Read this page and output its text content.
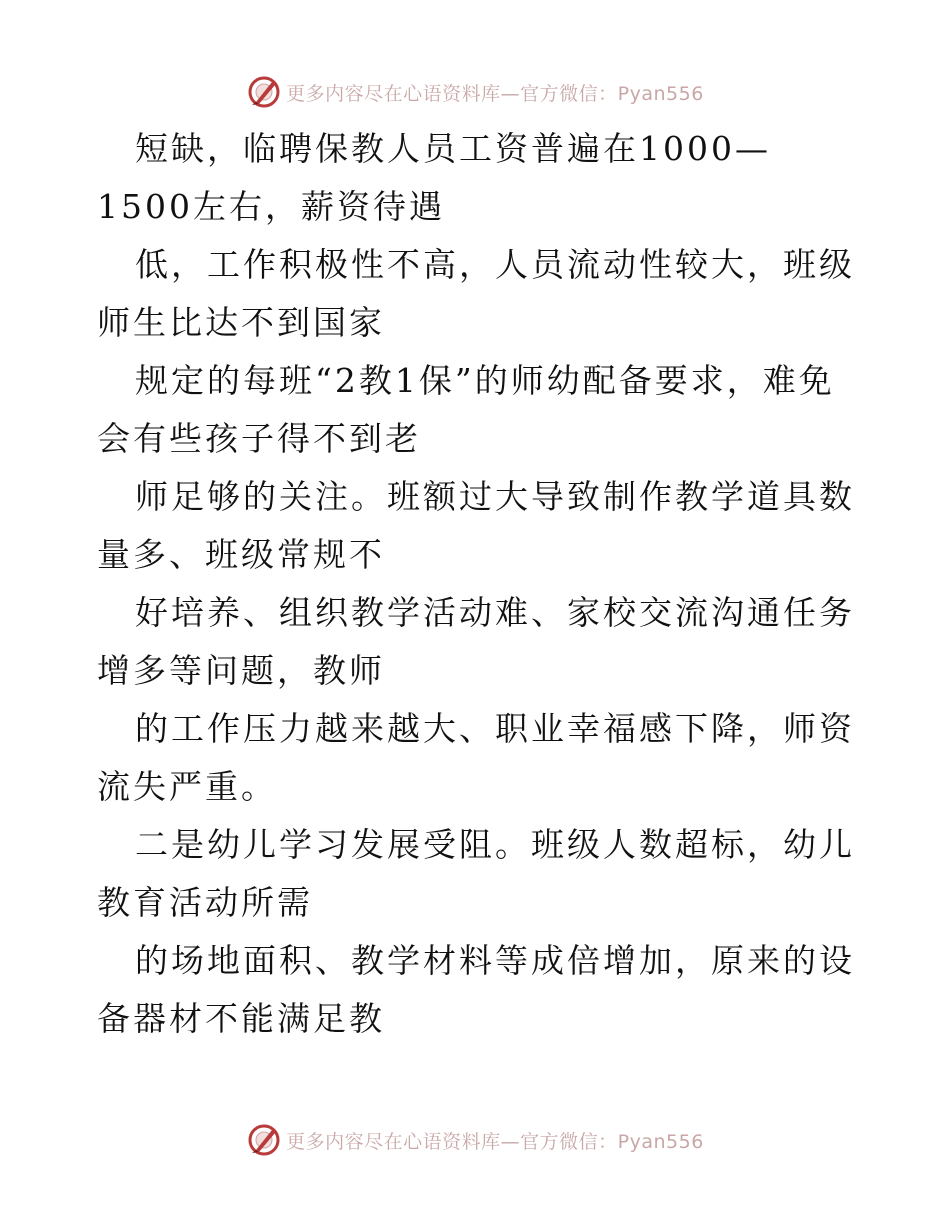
更多内容尽在心语资料库—官方微信：Pyan556

短缺，临聘保教人员工资普遍在1000—1500左右，薪资待遇

低，工作积极性不高，人员流动性较大，班级师生比达不到国家

规定的每班“2教1保”的师幼配备要求，难免会有些孩子得不到老

师足够的关注。班额过大导致制作教学道具数量多、班级常规不

好培养、组织教学活动难、家校交流沟通任务增多等问题，教师

的工作压力越来越大、职业幸福感下降，师资流失严重。

二是幼儿学习发展受阻。班级人数超标，幼儿教育活动所需

的场地面积、教学材料等成倍增加，原来的设备器材不能满足教

更多内容尽在心语资料库—官方微信：Pyan556
